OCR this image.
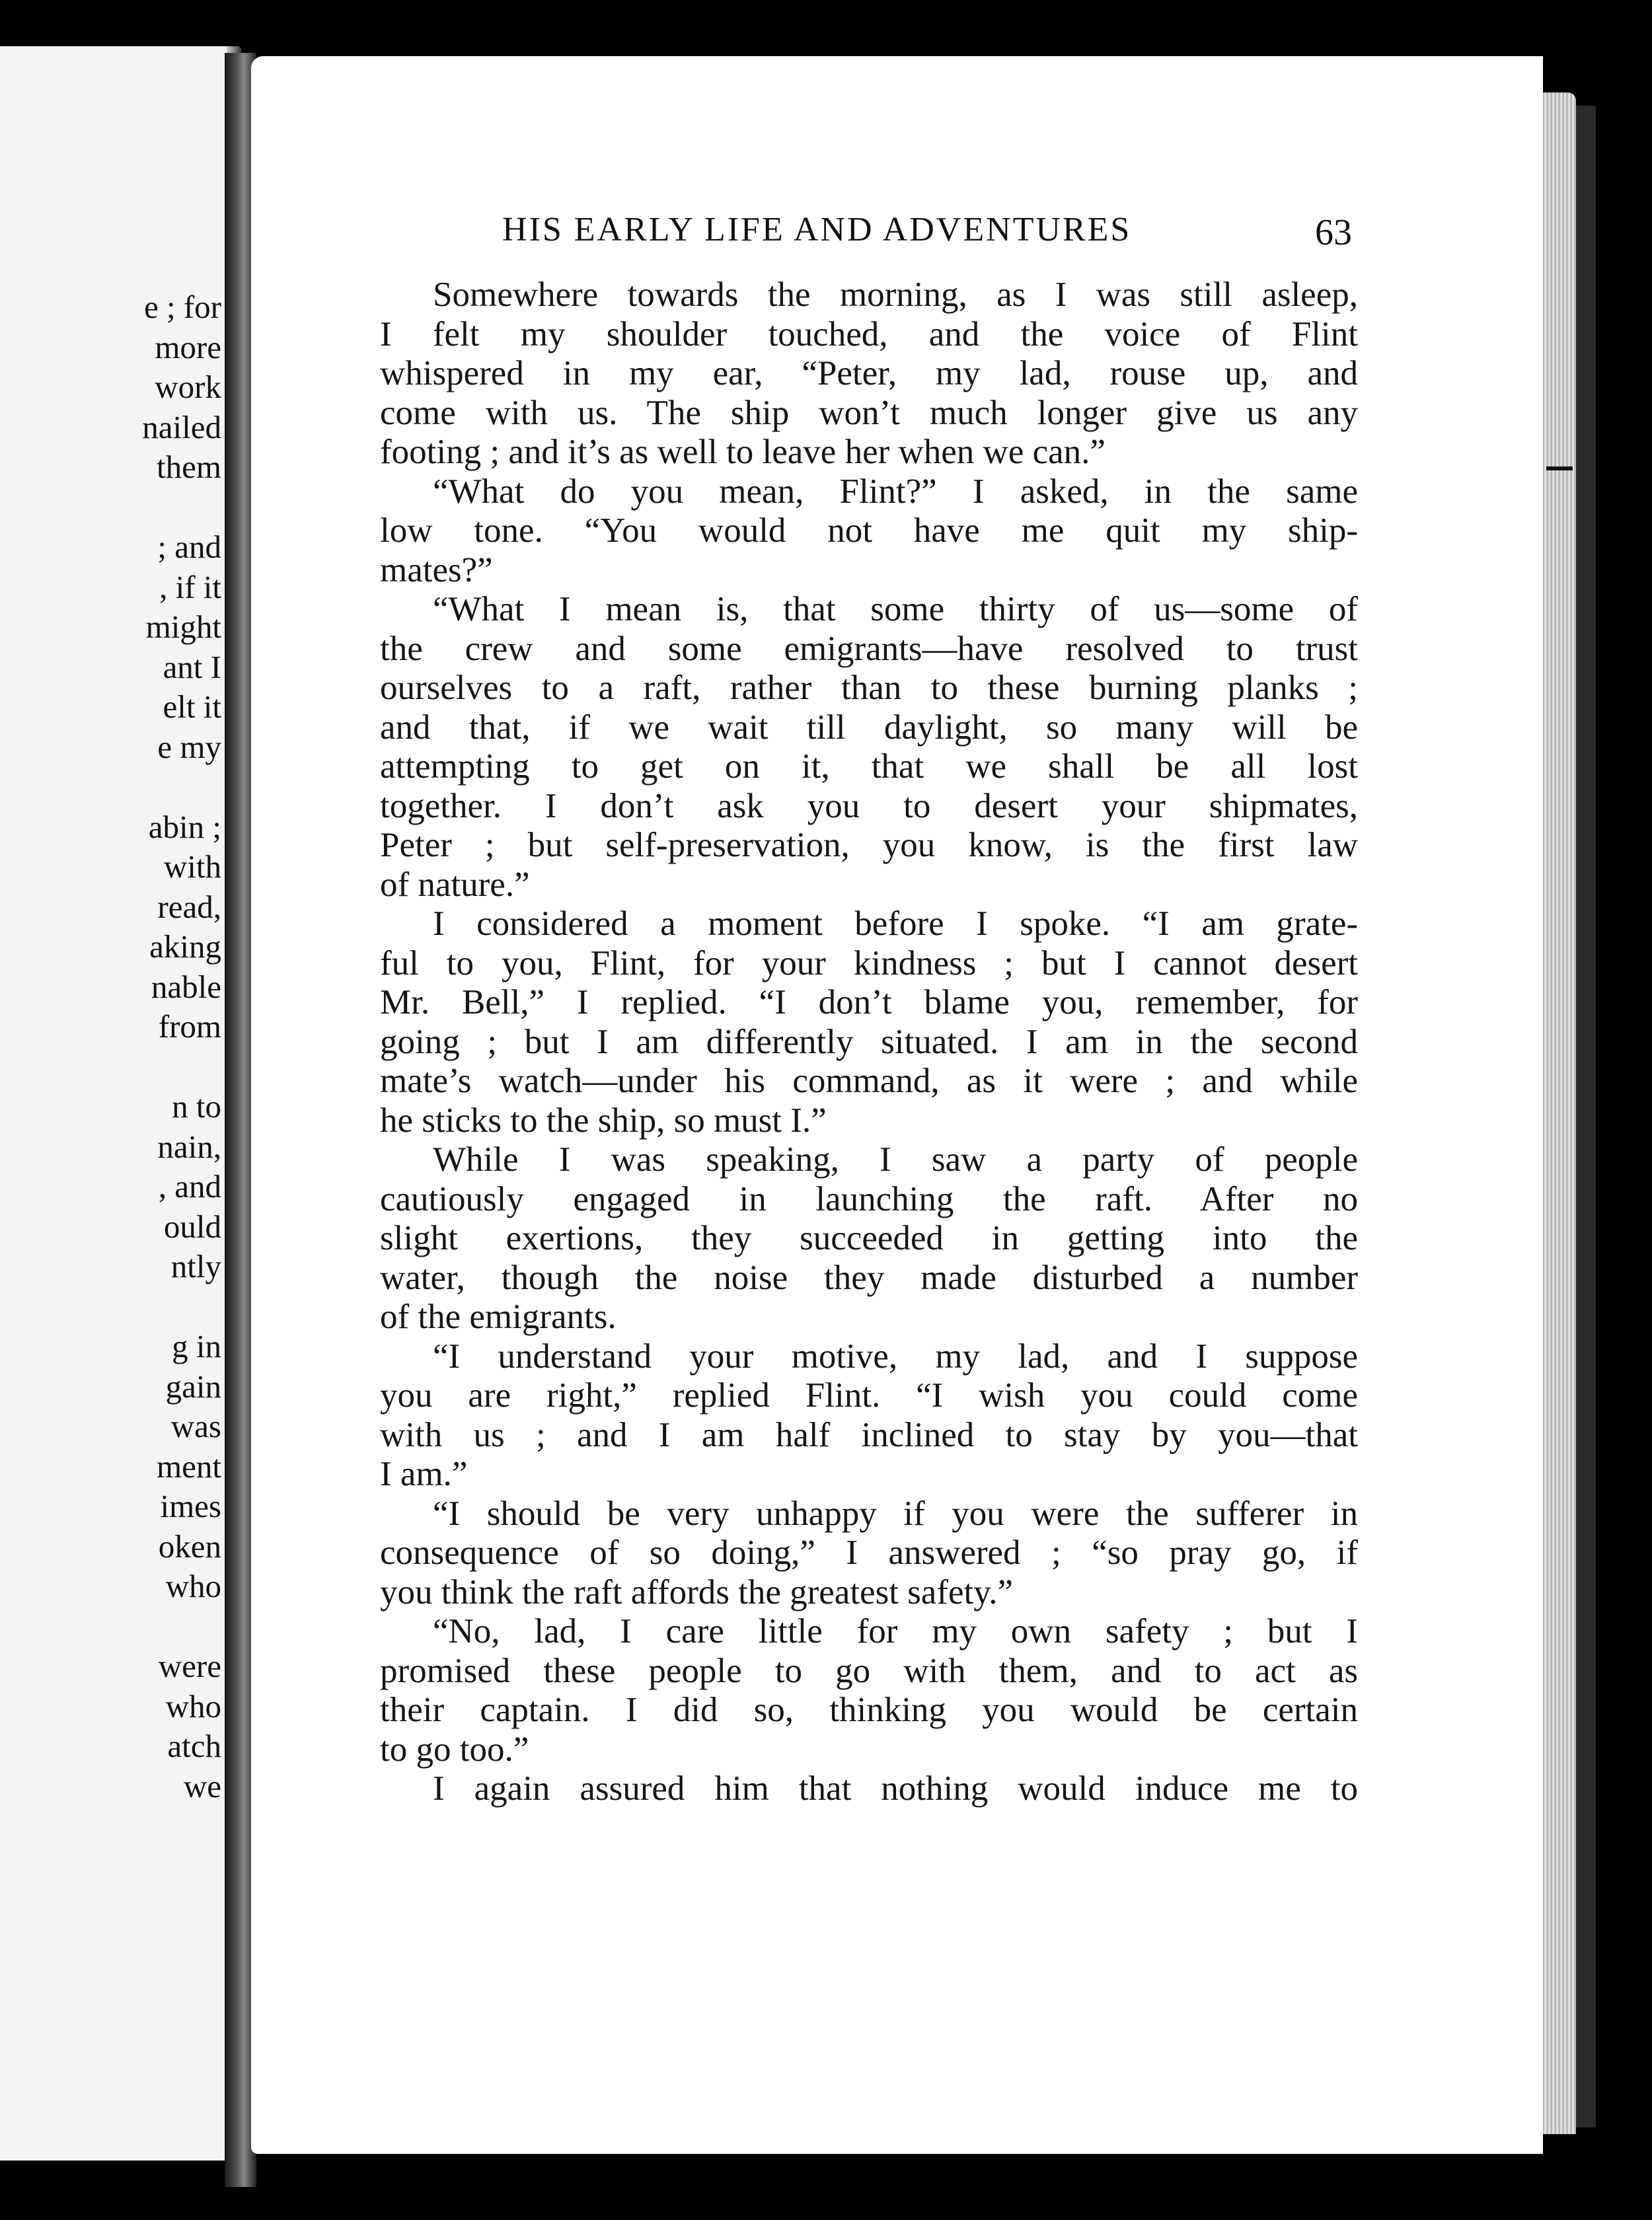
e ; for
more
work
nailed
them
; and
, if it
might
ant I
elt it
e my
abin ;
with
read,
aking
nable
from
n to
nain,
, and
ould
ntly
g in
gain
was
ment
imes
oken
who
were
who
atch
we
HIS EARLY LIFE AND ADVENTURES	63
Somewhere towards the morning, as I was still asleep,
I felt my shoulder touched, and the voice of Flint
whispered in my ear, “Peter, my lad, rouse up, and
come with us. The ship won’t much longer give us any
footing ; and it’s as well to leave her when we can.”
“What do you mean, Flint?” I asked, in the same
low tone. “You would not have me quit my ship-
mates?”
“What I mean is, that some thirty of us—some of
the crew and some emigrants—have resolved to trust
ourselves to a raft, rather than to these burning planks ;
and that, if we wait till daylight, so many will be
attempting to get on it, that we shall be all lost
together. I don’t ask you to desert your shipmates,
Peter ; but self-preservation, you know, is the first law
of nature.”
I considered a moment before I spoke. “I am grate-
ful to you, Flint, for your kindness ; but I cannot desert
Mr. Bell,” I replied. “I don’t blame you, remember, for
going ; but I am differently situated. I am in the second
mate’s watch—under his command, as it were ; and while
he sticks to the ship, so must I.”
While I was speaking, I saw a party of people
cautiously engaged in launching the raft. After no
slight exertions, they succeeded in getting into the
water, though the noise they made disturbed a number
of the emigrants.
“I understand your motive, my lad, and I suppose
you are right,” replied Flint. “I wish you could come
with us ; and I am half inclined to stay by you—that
I am.”
“I should be very unhappy if you were the sufferer in
consequence of so doing,” I answered ; “so pray go, if
you think the raft affords the greatest safety.”
“No, lad, I care little for my own safety ; but I
promised these people to go with them, and to act as
their captain. I did so, thinking you would be certain
to go too.”
I again assured him that nothing would induce me to
